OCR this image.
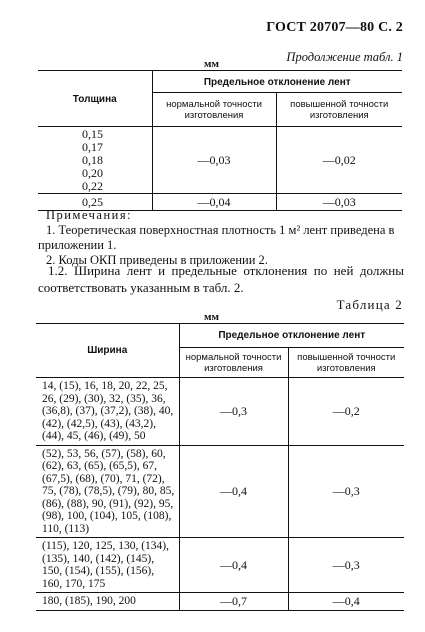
ГОСТ 20707—80 С. 2
Продолжение табл. 1
мм
Толщина	Предельное отклонение лент	
	нормальной точности изготовления	повышенной точности изготовления

0,15
0,17
0,18
0,20
0,22	—0,03	—0,02
0,25	—0,04	—0,03

Примечания:

1. Теоретическая поверхностная плотность 1 м² лент приведена в приложении 1.

2. Коды ОКП приведены в приложении 2.

1.2. Ширина лент и предельные отклонения по ней должны соответствовать указанным в табл. 2.

Таблица 2
мм
Ширина	Предельное отклонение лент	
	нормальной точности изготовления	повышенной точности изготовления
14, (15), 16, 18, 20, 22, 25, 26, (29), (30), 32, (35), 36, (36,8), (37), (37,2), (38), 40, (42), (42,5), (43), (43,2), (44), 45, (46), (49), 50	—0,3	—0,2
(52), 53, 56, (57), (58), 60, (62), 63, (65), (65,5), 67, (67,5), (68), (70), 71, (72), 75, (78), (78,5), (79), 80, 85, (86), (88), 90, (91), (92), 95, (98), 100, (104), 105, (108), 110, (113)	—0,4	—0,3
(115), 120, 125, 130, (134), (135), 140, (142), (145), 150, (154), (155), (156), 160, 170, 175	—0,4	—0,3
180, (185), 190, 200	—0,7	—0,4
